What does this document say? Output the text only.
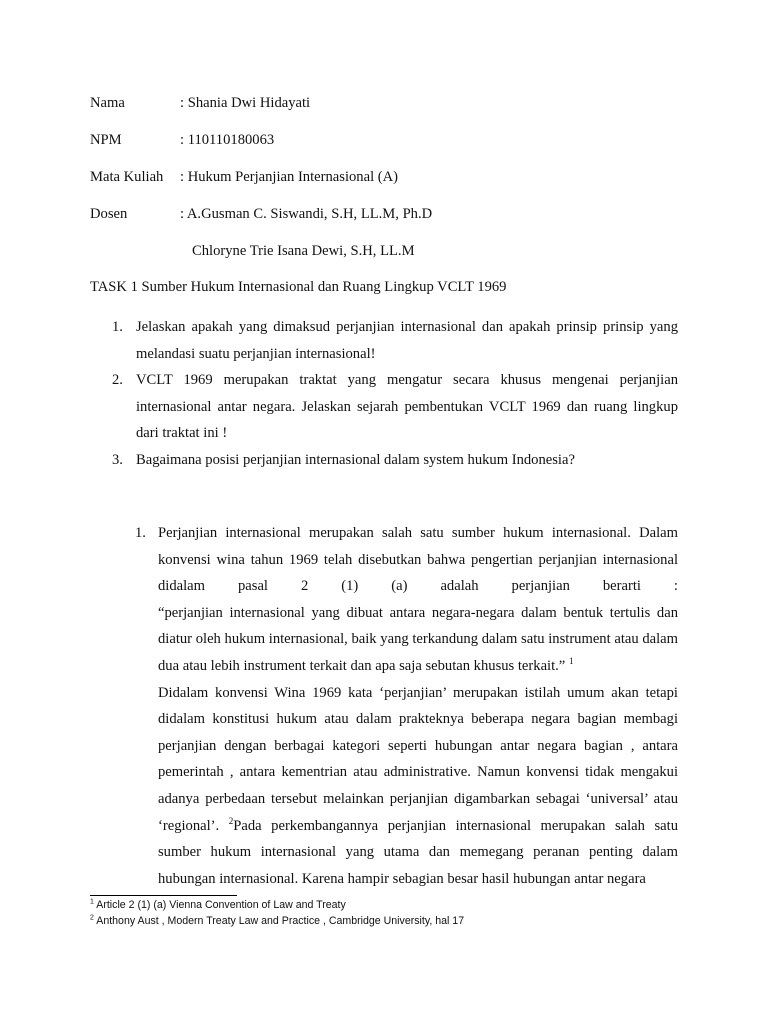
Nama	: Shania Dwi Hidayati
NPM	: 110110180063
Mata Kuliah : Hukum Perjanjian Internasional (A)
Dosen	: A.Gusman C. Siswandi, S.H, LL.M, Ph.D
Chloryne Trie Isana Dewi, S.H, LL.M
TASK 1 Sumber Hukum Internasional dan Ruang Lingkup VCLT 1969
1. Jelaskan apakah yang dimaksud perjanjian internasional dan apakah prinsip prinsip yang melandasi suatu perjanjian internasional!
2. VCLT 1969 merupakan traktat yang mengatur secara khusus mengenai perjanjian internasional antar negara. Jelaskan sejarah pembentukan VCLT 1969 dan ruang lingkup dari traktat ini !
3. Bagaimana posisi perjanjian internasional dalam system hukum Indonesia?
1. Perjanjian internasional merupakan salah satu sumber hukum internasional. Dalam konvensi wina tahun 1969 telah disebutkan bahwa pengertian perjanjian internasional didalam pasal 2 (1) (a) adalah perjanjian berarti :
“perjanjian internasional yang dibuat antara negara-negara dalam bentuk tertulis dan diatur oleh hukum internasional, baik yang terkandung dalam satu instrument atau dalam dua atau lebih instrument terkait dan apa saja sebutan khusus terkait.” $^1$
Didalam konvensi Wina 1969 kata ‘perjanjian’ merupakan istilah umum akan tetapi didalam konstitusi hukum atau dalam prakteknya beberapa negara bagian membagi perjanjian dengan berbagai kategori seperti hubungan antar negara bagian , antara pemerintah , antara kementrian atau administrative. Namun konvensi tidak mengakui adanya perbedaan tersebut melainkan perjanjian digambarkan sebagai ‘universal’ atau ‘regional’. $^2$Pada perkembangannya perjanjian internasional merupakan salah satu sumber hukum internasional yang utama dan memegang peranan penting dalam hubungan internasional. Karena hampir sebagian besar hasil hubungan antar negara
$^1$ Article 2 (1) (a) Vienna Convention of Law and Treaty
$^2$ Anthony Aust , Modern Treaty Law and Practice , Cambridge University, hal 17
